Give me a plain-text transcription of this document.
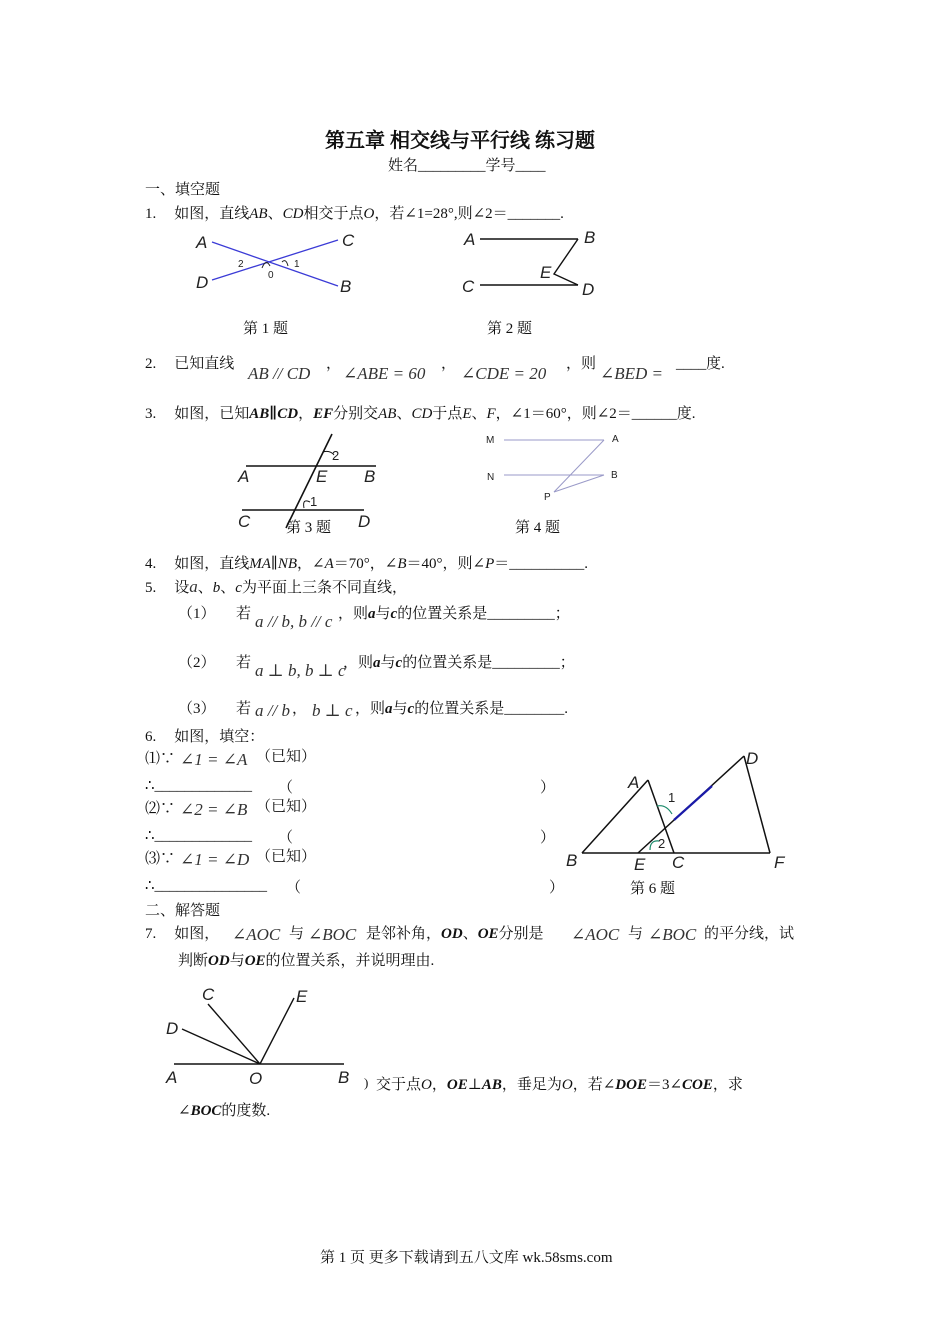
第五章 相交线与平行线 练习题
姓名_________学号____
一、填空题
1. 如图，直线AB、CD相交于点O，若∠1=28°,则∠2＝_______.
A	C
D	B
2	1
0
第 1 题
A	B
E
C	D
第 2 题
2. 已知直线 AB // CD ， ∠ABE = 60 ， ∠CDE = 20 ，则 ∠BED = ____度.
3. 如图，已知AB∥CD，EF分别交AB、CD于点E、F，∠1＝60°，则∠2＝______度.
2
A	E B
1
C	D
第 3 题
M	A
N	B
P
第 4 题
4. 如图，直线MA∥NB，∠A＝70°，∠B＝40°，则∠P＝__________.
5. 设a、b、c为平面上三条不同直线，
（1） 若 a // b, b // c ，则a与c的位置关系是_________；
（2） 若 a ⊥ b, b ⊥ c
，则a与c的位置关系是_________；
（3） 若 a // b ， b ⊥ c ，则a与c的位置关系是________.
6. 如图，填空：
⑴∵ ∠1 = ∠A （已知）
∴_____________ （	）
⑵∵ ∠2 = ∠B （已知）
∴_____________ （	）
⑶∵ ∠1 = ∠D （已知）
∴_______________ （	）
A
D
1
2
B	E C	F
第 6 题
二、解答题
7. 如图， ∠AOC 与 ∠BOC 是邻补角，OD、OE分别是 ∠AOC 与 ∠BOC 的平分线，试
判断OD与OE的位置关系，并说明理由.
C	E
D
A	O	B ) 交于点O，OE⊥AB，垂足为O，若∠DOE＝3∠COE，求
∠BOC的度数.
第 1 页 更多下载请到五八文库 wk.58sms.com
